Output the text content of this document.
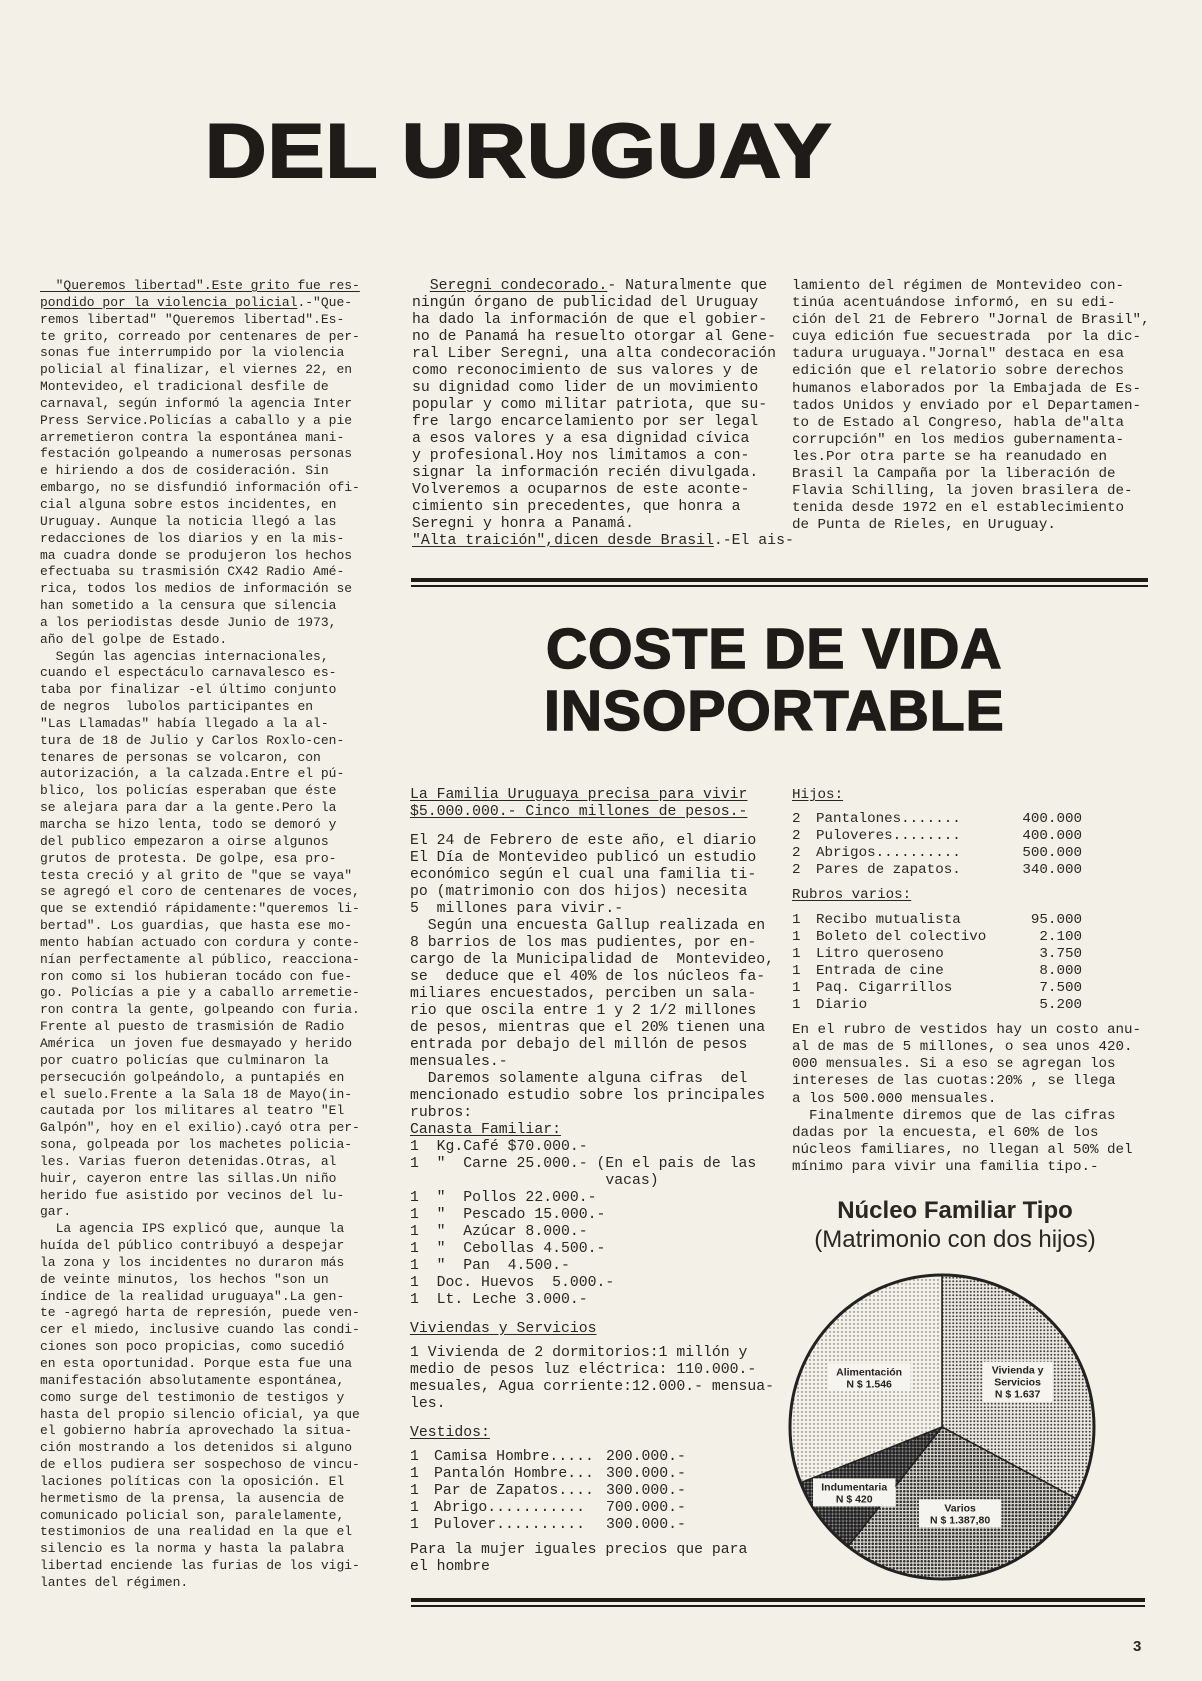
DEL URUGUAY
"Queremos libertad".Este grito fue res-
pondido por la violencia policial.-"Que-
remos libertad" "Queremos libertad".Es-
te grito, correado por centenares de per-
sonas fue interrumpido por la violencia
policial al finalizar, el viernes 22, en
Montevideo, el tradicional desfile de
carnaval, según informó la agencia Inter
Press Service.Policías a caballo y a pie
arremetieron contra la espontánea mani-
festación golpeando a numerosas personas
e hiriendo a dos de cosideración. Sin
embargo, no se disfundió información ofi-
cial alguna sobre estos incidentes, en
Uruguay. Aunque la noticia llegó a las
redacciones de los diarios y en la mis-
ma cuadra donde se produjeron los hechos
efectuaba su trasmisión CX42 Radio Amé-
rica, todos los medios de información se
han sometido a la censura que silencia
a los periodistas desde Junio de 1973,
año del golpe de Estado.
Según las agencias internacionales,
cuando el espectáculo carnavalesco es-
taba por finalizar -el último conjunto
de negros  lubolos participantes en
"Las Llamadas" había llegado a la al-
tura de 18 de Julio y Carlos Roxlo-cen-
tenares de personas se volcaron, con
autorización, a la calzada.Entre el pú-
blico, los policías esperaban que éste
se alejara para dar a la gente.Pero la
marcha se hizo lenta, todo se demoró y
del publico empezaron a oirse algunos
grutos de protesta. De golpe, esa pro-
testa creció y al grito de "que se vaya"
se agregó el coro de centenares de voces,
que se extendió rápidamente:"queremos li-
bertad". Los guardias, que hasta ese mo-
mento habían actuado con cordura y conte-
nían perfectamente al público, reacciona-
ron como si los hubieran tocádo con fue-
go. Policías a pie y a caballo arremetie-
ron contra la gente, golpeando con furia.
Frente al puesto de trasmisión de Radio
América  un joven fue desmayado y herido
por cuatro policías que culminaron la
persecución golpeándolo, a puntapiés en
el suelo.Frente a la Sala 18 de Mayo(in-
cautada por los militares al teatro "El
Galpón", hoy en el exilio).cayó otra per-
sona, golpeada por los machetes policia-
les. Varias fueron detenidas.Otras, al
huir, cayeron entre las sillas.Un niño
herido fue asistido por vecinos del lu-
gar.
La agencia IPS explicó que, aunque la
huída del público contribuyó a despejar
la zona y los incidentes no duraron más
de veinte minutos, los hechos "son un
índice de la realidad uruguaya".La gen-
te -agregó harta de represión, puede ven-
cer el miedo, inclusive cuando las condi-
ciones son poco propicias, como sucedió
en esta oportunidad. Porque esta fue una
manifestación absolutamente espontánea,
como surge del testimonio de testigos y
hasta del propio silencio oficial, ya que
el gobierno habría aprovechado la situa-
ción mostrando a los detenidos si alguno
de ellos pudiera ser sospechoso de vincu-
laciones políticas con la oposición. El
hermetismo de la prensa, la ausencia de
comunicado policial son, paralelamente,
testimonios de una realidad en la que el
silencio es la norma y hasta la palabra
libertad enciende las furias de los vigi-
lantes del régimen.
Seregni condecorado.- Naturalmente que
ningún órgano de publicidad del Uruguay
ha dado la información de que el gobier-
no de Panamá ha resuelto otorgar al Gene-
ral Liber Seregni, una alta condecoración
como reconocimiento de sus valores y de
su dignidad como lider de un movimiento
popular y como militar patriota, que su-
fre largo encarcelamiento por ser legal
a esos valores y a esa dignidad cívica
y profesional.Hoy nos limitamos a con-
signar la información recién divulgada.
Volveremos a ocuparnos de este aconte-
cimiento sin precedentes, que honra a
Seregni y honra a Panamá.
"Alta traición",dicen desde Brasil.-El ais-
lamiento del régimen de Montevideo con-
tinúa acentuándose informó, en su edi-
ción del 21 de Febrero "Jornal de Brasil",
cuya edición fue secuestrada  por la dic-
tadura uruguaya."Jornal" destaca en esa
edición que el relatorio sobre derechos
humanos elaborados por la Embajada de Es-
tados Unidos y enviado por el Departamen-
to de Estado al Congreso, habla de"alta
corrupción" en los medios gubernamenta-
les.Por otra parte se ha reanudado en
Brasil la Campaña por la liberación de
Flavia Schilling, la joven brasilera de-
tenida desde 1972 en el establecimiento
de Punta de Rieles, en Uruguay.
COSTE DE VIDA
INSOPORTABLE
La Familia Uruguaya precisa para vivir
$5.000.000.- Cinco millones de pesos.-
El 24 de Febrero de este año, el diario
El Día de Montevideo publicó un estudio
económico según el cual una familia ti-
po (matrimonio con dos hijos) necesita
5  millones para vivir.-
Según una encuesta Gallup realizada en
8 barrios de los mas pudientes, por en-
cargo de la Municipalidad de  Montevideo,
se  deduce que el 40% de los núcleos fa-
miliares encuestados, perciben un sala-
rio que oscila entre 1 y 2 1/2 millones
de pesos, mientras que el 20% tienen una
entrada por debajo del millón de pesos
mensuales.-
Daremos solamente alguna cifras  del
mencionado estudio sobre los principales
rubros:
Canasta Familiar:
1  Kg.Café $70.000.-
1  "  Carne 25.000.- (En el pais de las
vacas)
1  "  Pollos 22.000.-
1  "  Pescado 15.000.-
1  "  Azúcar 8.000.-
1  "  Cebollas 4.500.-
1  "  Pan  4.500.-
1  Doc. Huevos  5.000.-
1  Lt. Leche 3.000.-
Viviendas y Servicios
1 Vivienda de 2 dormitorios:1 millón y
medio de pesos luz eléctrica: 110.000.-
mesuales, Agua corriente:12.000.- mensua-
les.
Vestidos:
1	Camisa Hombre..... 200.000.-
1	Pantalón Hombre... 300.000.-
1	Par de Zapatos.... 300.000.-
1	Abrigo...........	700.000.-
1	Pulover..........	300.000.-
Para la mujer iguales precios que para
el hombre
Hijos:
2	Pantalones.......	400.000
2	Puloveres........	400.000
2	Abrigos..........	500.000
2	Pares de zapatos.	340.000
Rubros varios:
1	Recibo mutualista	95.000
1	Boleto del colectivo	2.100
1	Litro queroseno	3.750
1	Entrada de cine	8.000
1	Paq. Cigarrillos	7.500
1	Diario	5.200
En el rubro de vestidos hay un costo anu-
al de mas de 5 millones, o sea unos 420.
000 mensuales. Si a eso se agregan los
intereses de las cuotas:20% , se llega
a los 500.000 mensuales.
Finalmente diremos que de las cifras
dadas por la encuesta, el 60% de los
núcleos familiares, no llegan al 50% del
mínimo para vivir una familia tipo.-
Núcleo Familiar Tipo
(Matrimonio con dos hijos)
Vivienda y
Servicios
N $ 1.637
Varios
N $ 1.387,80
Indumentaria
N $ 420
Alimentación
N $ 1.546
3
